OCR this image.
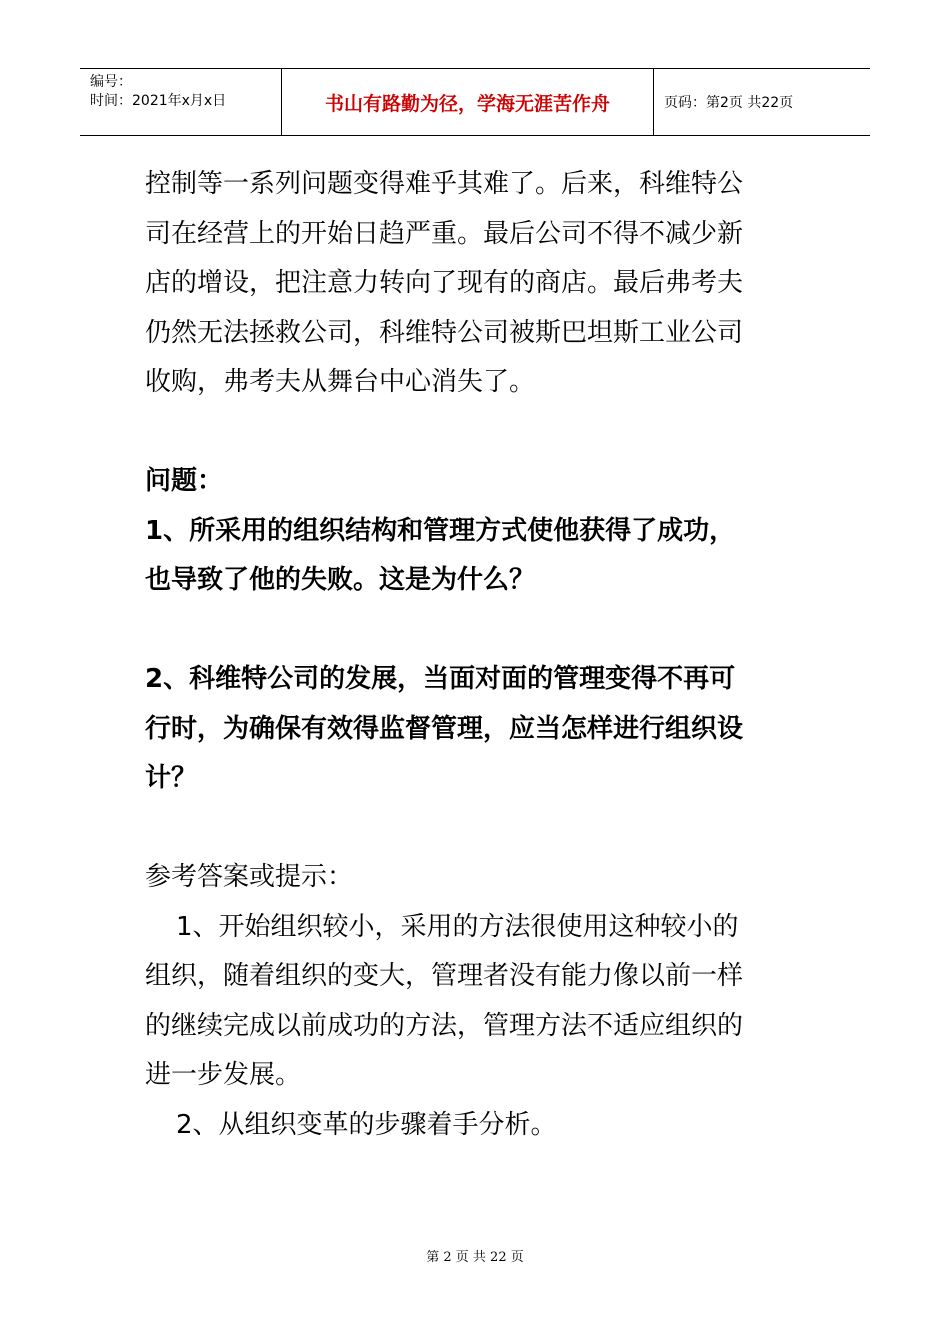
编号：
时间：2021年x月x日	书山有路勤为径，学海无涯苦作舟	页码：第2页 共22页

控制等一系列问题变得难乎其难了。后来，科维特公

司在经营上的开始日趋严重。最后公司不得不减少新

店的增设，把注意力转向了现有的商店。最后弗考夫

仍然无法拯救公司，科维特公司被斯巴坦斯工业公司

收购，弗考夫从舞台中心消失了。

问题：

1、所采用的组织结构和管理方式使他获得了成功，

也导致了他的失败。这是为什么？

2、科维特公司的发展，当面对面的管理变得不再可

行时，为确保有效得监督管理，应当怎样进行组织设

计？

参考答案或提示：

1、开始组织较小，采用的方法很使用这种较小的

组织，随着组织的变大，管理者没有能力像以前一样

的继续完成以前成功的方法，管理方法不适应组织的

进一步发展。

2、从组织变革的步骤着手分析。

第 2 页 共 22 页
